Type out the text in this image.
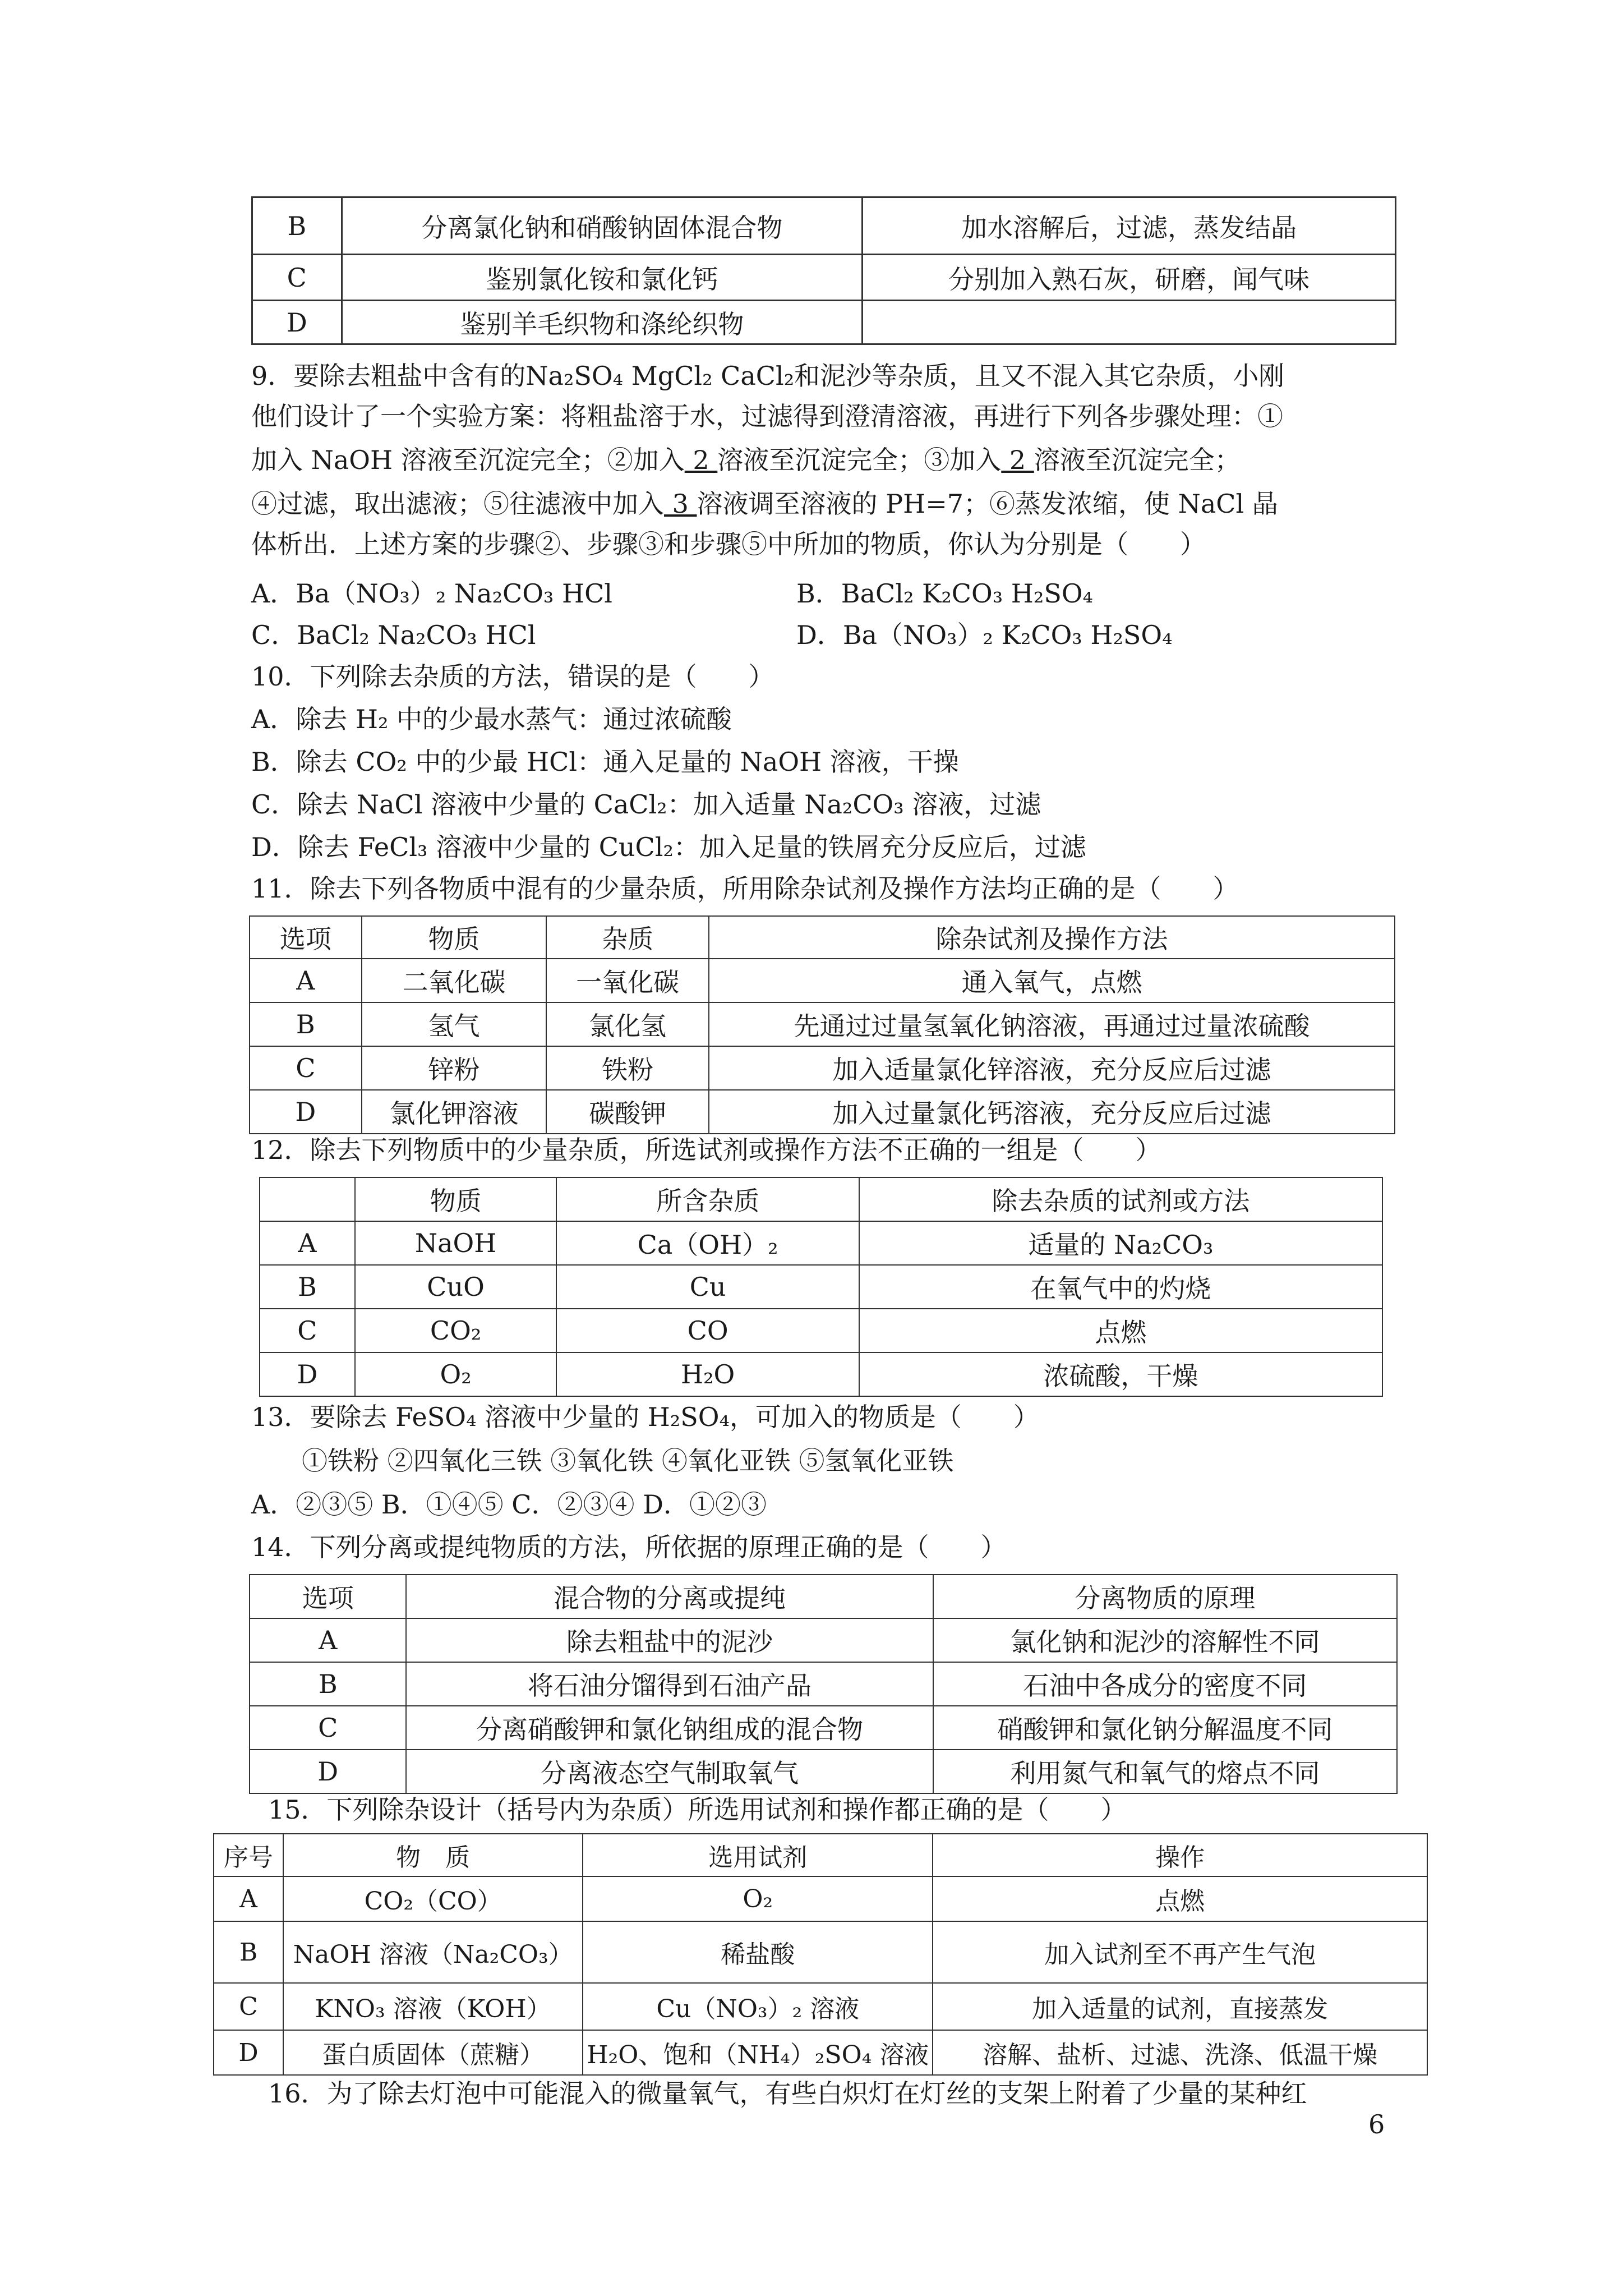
B	分离氯化钠和硝酸钠固体混合物	加水溶解后，过滤，蒸发结晶
C	鉴别氯化铵和氯化钙	分别加入熟石灰，研磨，闻气味
D	鉴别羊毛织物和涤纶织物	
9．要除去粗盐中含有的Na₂SO₄ MgCl₂ CaCl₂和泥沙等杂质，且又不混入其它杂质，小刚
他们设计了一个实验方案：将粗盐溶于水，过滤得到澄清溶液，再进行下列各步骤处理：①
加入 NaOH 溶液至沉淀完全；②加入 2 溶液至沉淀完全；③加入 2 溶液至沉淀完全；
④过滤，取出滤液；⑤往滤液中加入 3 溶液调至溶液的 PH=7；⑥蒸发浓缩，使 NaCl 晶
体析出．上述方案的步骤②、步骤③和步骤⑤中所加的物质，你认为分别是（　　）
A．Ba（NO₃）₂ Na₂CO₃ HCl	B．BaCl₂ K₂CO₃ H₂SO₄
C．BaCl₂ Na₂CO₃ HCl	D．Ba（NO₃）₂ K₂CO₃ H₂SO₄
10．下列除去杂质的方法，错误的是（　　）
A．除去 H₂ 中的少最水蒸气：通过浓硫酸
B．除去 CO₂ 中的少最 HCl：通入足量的 NaOH 溶液，干操
C．除去 NaCl 溶液中少量的 CaCl₂：加入适量 Na₂CO₃ 溶液，过滤
D．除去 FeCl₃ 溶液中少量的 CuCl₂：加入足量的铁屑充分反应后，过滤
11．除去下列各物质中混有的少量杂质，所用除杂试剂及操作方法均正确的是（　　）
选项	物质	杂质	除杂试剂及操作方法
A	二氧化碳	一氧化碳	通入氧气，点燃
B	氢气	氯化氢	先通过过量氢氧化钠溶液，再通过过量浓硫酸
C	锌粉	铁粉	加入适量氯化锌溶液，充分反应后过滤
D	氯化钾溶液	碳酸钾	加入过量氯化钙溶液，充分反应后过滤
12．除去下列物质中的少量杂质，所选试剂或操作方法不正确的一组是（　　）
	物质	所含杂质	除去杂质的试剂或方法
A	NaOH	Ca（OH）₂	适量的 Na₂CO₃
B	CuO	Cu	在氧气中的灼烧
C	CO₂	CO	点燃
D	O₂	H₂O	浓硫酸，干燥
13．要除去 FeSO₄ 溶液中少量的 H₂SO₄，可加入的物质是（　　）
①铁粉 ②四氧化三铁 ③氧化铁 ④氧化亚铁 ⑤氢氧化亚铁
A．②③⑤ B．①④⑤ C．②③④ D．①②③
14．下列分离或提纯物质的方法，所依据的原理正确的是（　　）
选项	混合物的分离或提纯	分离物质的原理
A	除去粗盐中的泥沙	氯化钠和泥沙的溶解性不同
B	将石油分馏得到石油产品	石油中各成分的密度不同
C	分离硝酸钾和氯化钠组成的混合物	硝酸钾和氯化钠分解温度不同
D	分离液态空气制取氧气	利用氮气和氧气的熔点不同
15．下列除杂设计（括号内为杂质）所选用试剂和操作都正确的是（　　）
序号	物　质	选用试剂	操作
A	CO₂（CO）	O₂	点燃
B	NaOH 溶液（Na₂CO₃）	稀盐酸	加入试剂至不再产生气泡
C	KNO₃ 溶液（KOH）	Cu（NO₃）₂ 溶液	加入适量的试剂，直接蒸发
D	蛋白质固体（蔗糖）	H₂O、饱和（NH₄）₂SO₄ 溶液	溶解、盐析、过滤、洗涤、低温干燥
16．为了除去灯泡中可能混入的微量氧气，有些白炽灯在灯丝的支架上附着了少量的某种红
6
